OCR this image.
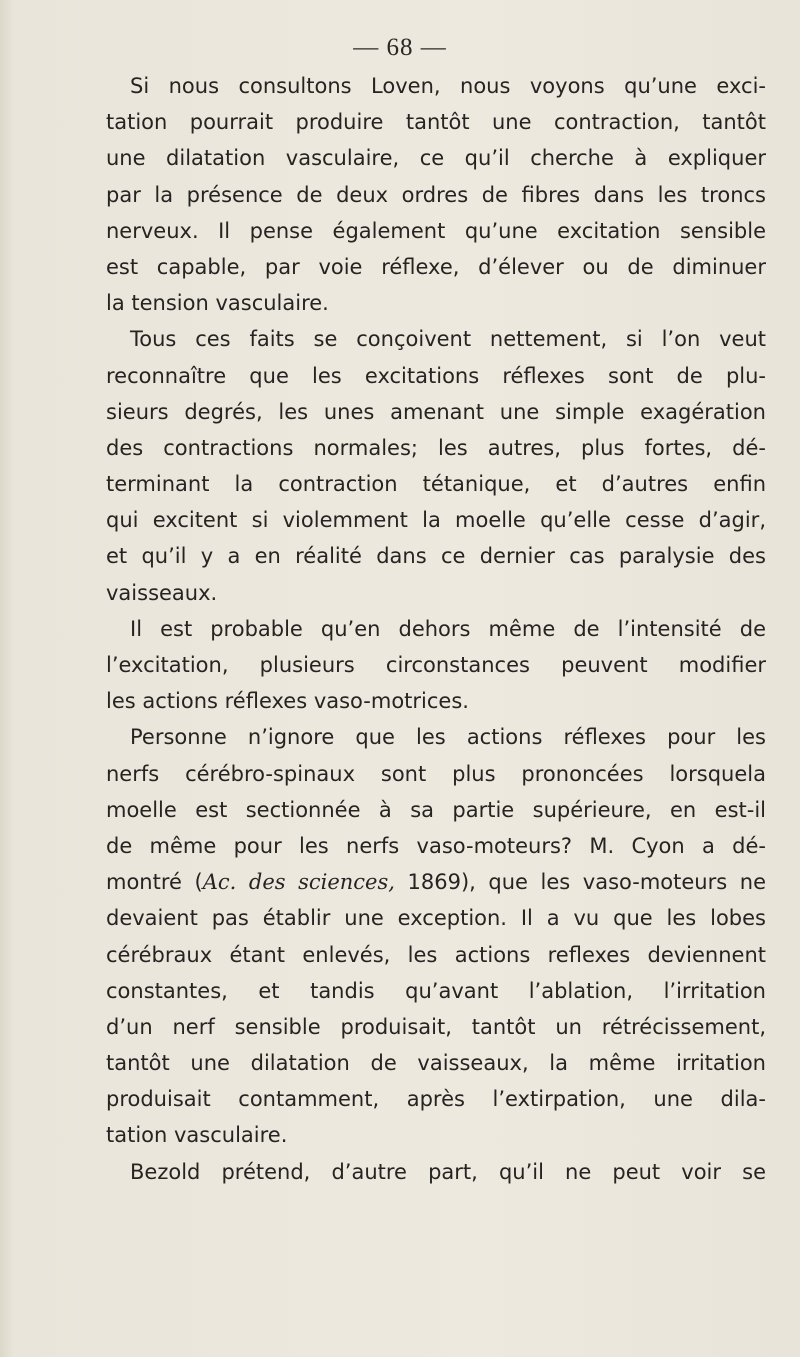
— 68 —
Si nous consultons Loven, nous voyons qu’une exci-
tation pourrait produire tantôt une contraction, tantôt
une dilatation vasculaire, ce qu’il cherche à expliquer
par la présence de deux ordres de fibres dans les troncs
nerveux. Il pense également qu’une excitation sensible
est capable, par voie réflexe, d’élever ou de diminuer
la tension vasculaire.
Tous ces faits se conçoivent nettement, si l’on veut
reconnaître que les excitations réflexes sont de plu-
sieurs degrés, les unes amenant une simple exagération
des contractions normales; les autres, plus fortes, dé-
terminant la contraction tétanique, et d’autres enfin
qui excitent si violemment la moelle qu’elle cesse d’agir,
et qu’il y a en réalité dans ce dernier cas paralysie des
vaisseaux.
Il est probable qu’en dehors même de l’intensité de
l’excitation, plusieurs circonstances peuvent modifier
les actions réflexes vaso-motrices.
Personne n’ignore que les actions réflexes pour les
nerfs cérébro-spinaux sont plus prononcées lorsquela
moelle est sectionnée à sa partie supérieure, en est-il
de même pour les nerfs vaso-moteurs? M. Cyon a dé-
montré (Ac. des sciences, 1869), que les vaso-moteurs ne
devaient pas établir une exception. Il a vu que les lobes
cérébraux étant enlevés, les actions reflexes deviennent
constantes, et tandis qu’avant l’ablation, l’irritation
d’un nerf sensible produisait, tantôt un rétrécissement,
tantôt une dilatation de vaisseaux, la même irritation
produisait contamment, après l’extirpation, une dila-
tation vasculaire.
Bezold prétend, d’autre part, qu’il ne peut voir se
